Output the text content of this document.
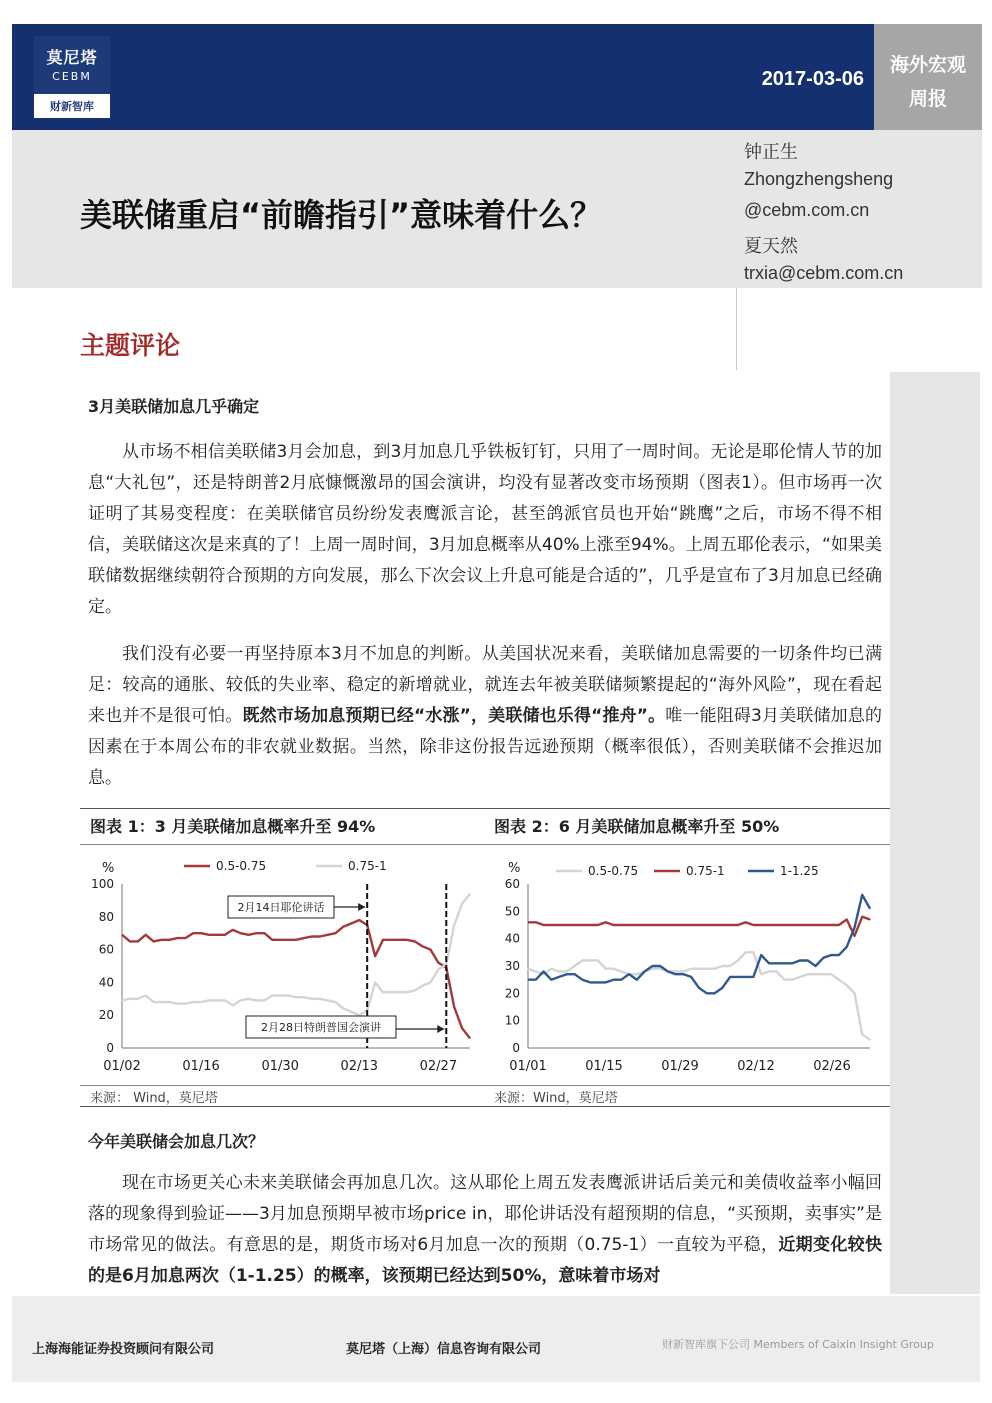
莫尼塔
CEBM
财新智库
2017-03-06
海外宏观
周报
美联储重启“前瞻指引”意味着什么？
钟正生
Zhongzhengsheng
@cebm.com.cn
夏天然
trxia@cebm.com.cn
主题评论
3月美联储加息几乎确定
从市场不相信美联储3月会加息，到3月加息几乎铁板钉钉，只用了一周时间。无论是耶伦情人节的加息“大礼包”，还是特朗普2月底慷慨激昂的国会演讲，均没有显著改变市场预期（图表1）。但市场再一次证明了其易变程度：在美联储官员纷纷发表鹰派言论，甚至鸽派官员也开始“跳鹰”之后，市场不得不相信，美联储这次是来真的了！上周一周时间，3月加息概率从40%上涨至94%。上周五耶伦表示，“如果美联储数据继续朝符合预期的方向发展，那么下次会议上升息可能是合适的”，几乎是宣布了3月加息已经确定。
我们没有必要一再坚持原本3月不加息的判断。从美国状况来看，美联储加息需要的一切条件均已满足：较高的通胀、较低的失业率、稳定的新增就业，就连去年被美联储频繁提起的“海外风险”，现在看起来也并不是很可怕。既然市场加息预期已经“水涨”，美联储也乐得“推舟”。唯一能阻碍3月美联储加息的因素在于本周公布的非农就业数据。当然，除非这份报告远逊预期（概率很低），否则美联储不会推迟加息。
图表 1：3 月美联储加息概率升至 94%	图表 2：6 月美联储加息概率升至 50%
%
0
20
40
60
80
100
01/02	01/16	01/30	02/13	02/27
0.5-0.75	0.75-1
2月14日耶伦讲话
2月28日特朗普国会演讲
%
0
10
20
30
40
50
60
01/01	01/15	01/29	02/12	02/26
0.5-0.75	0.75-1	1-1.25
来源： Wind，莫尼塔	来源：Wind，莫尼塔
今年美联储会加息几次？
现在市场更关心未来美联储会再加息几次。这从耶伦上周五发表鹰派讲话后美元和美债收益率小幅回落的现象得到验证——3月加息预期早被市场price in，耶伦讲话没有超预期的信息，“买预期，卖事实”是市场常见的做法。有意思的是，期货市场对6月加息一次的预期（0.75-1）一直较为平稳，近期变化较快的是6月加息两次（1-1.25）的概率，该预期已经达到50%，意味着市场对
上海海能证券投资顾问有限公司	莫尼塔（上海）信息咨询有限公司	财新智库旗下公司 Members of Caixin Insight Group
